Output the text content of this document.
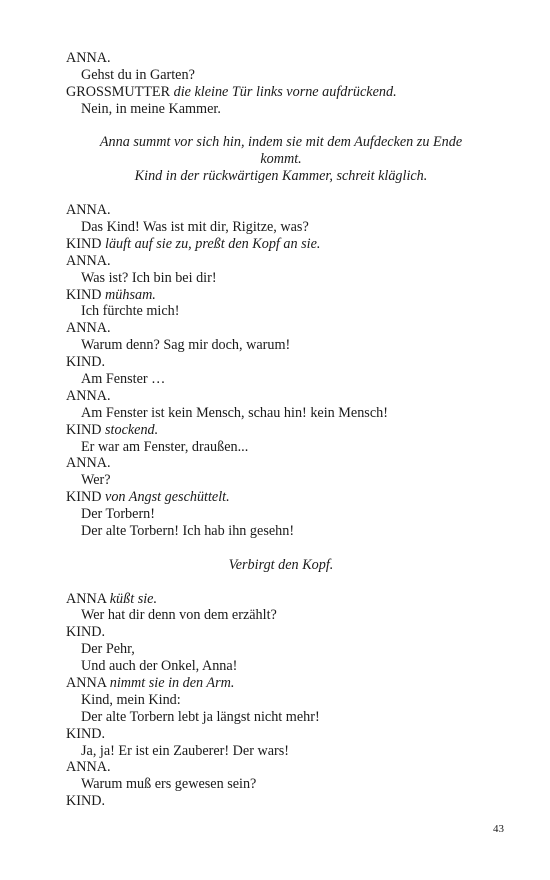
ANNA.
Gehst du in Garten?
GROSSMUTTER die kleine Tür links vorne aufdrückend.
Nein, in meine Kammer.
Anna summt vor sich hin, indem sie mit dem Aufdecken zu Ende
kommt.
Kind in der rückwärtigen Kammer, schreit kläglich.
ANNA.
Das Kind! Was ist mit dir, Rigitze, was?
KIND läuft auf sie zu, preßt den Kopf an sie.
ANNA.
Was ist? Ich bin bei dir!
KIND mühsam.
Ich fürchte mich!
ANNA.
Warum denn? Sag mir doch, warum!
KIND.
Am Fenster …
ANNA.
Am Fenster ist kein Mensch, schau hin! kein Mensch!
KIND stockend.
Er war am Fenster, draußen...
ANNA.
Wer?
KIND von Angst geschüttelt.
Der Torbern!
Der alte Torbern! Ich hab ihn gesehn!
Verbirgt den Kopf.
ANNA küßt sie.
Wer hat dir denn von dem erzählt?
KIND.
Der Pehr,
Und auch der Onkel, Anna!
ANNA nimmt sie in den Arm.
Kind, mein Kind:
Der alte Torbern lebt ja längst nicht mehr!
KIND.
Ja, ja! Er ist ein Zauberer! Der wars!
ANNA.
Warum muß ers gewesen sein?
KIND.
43
